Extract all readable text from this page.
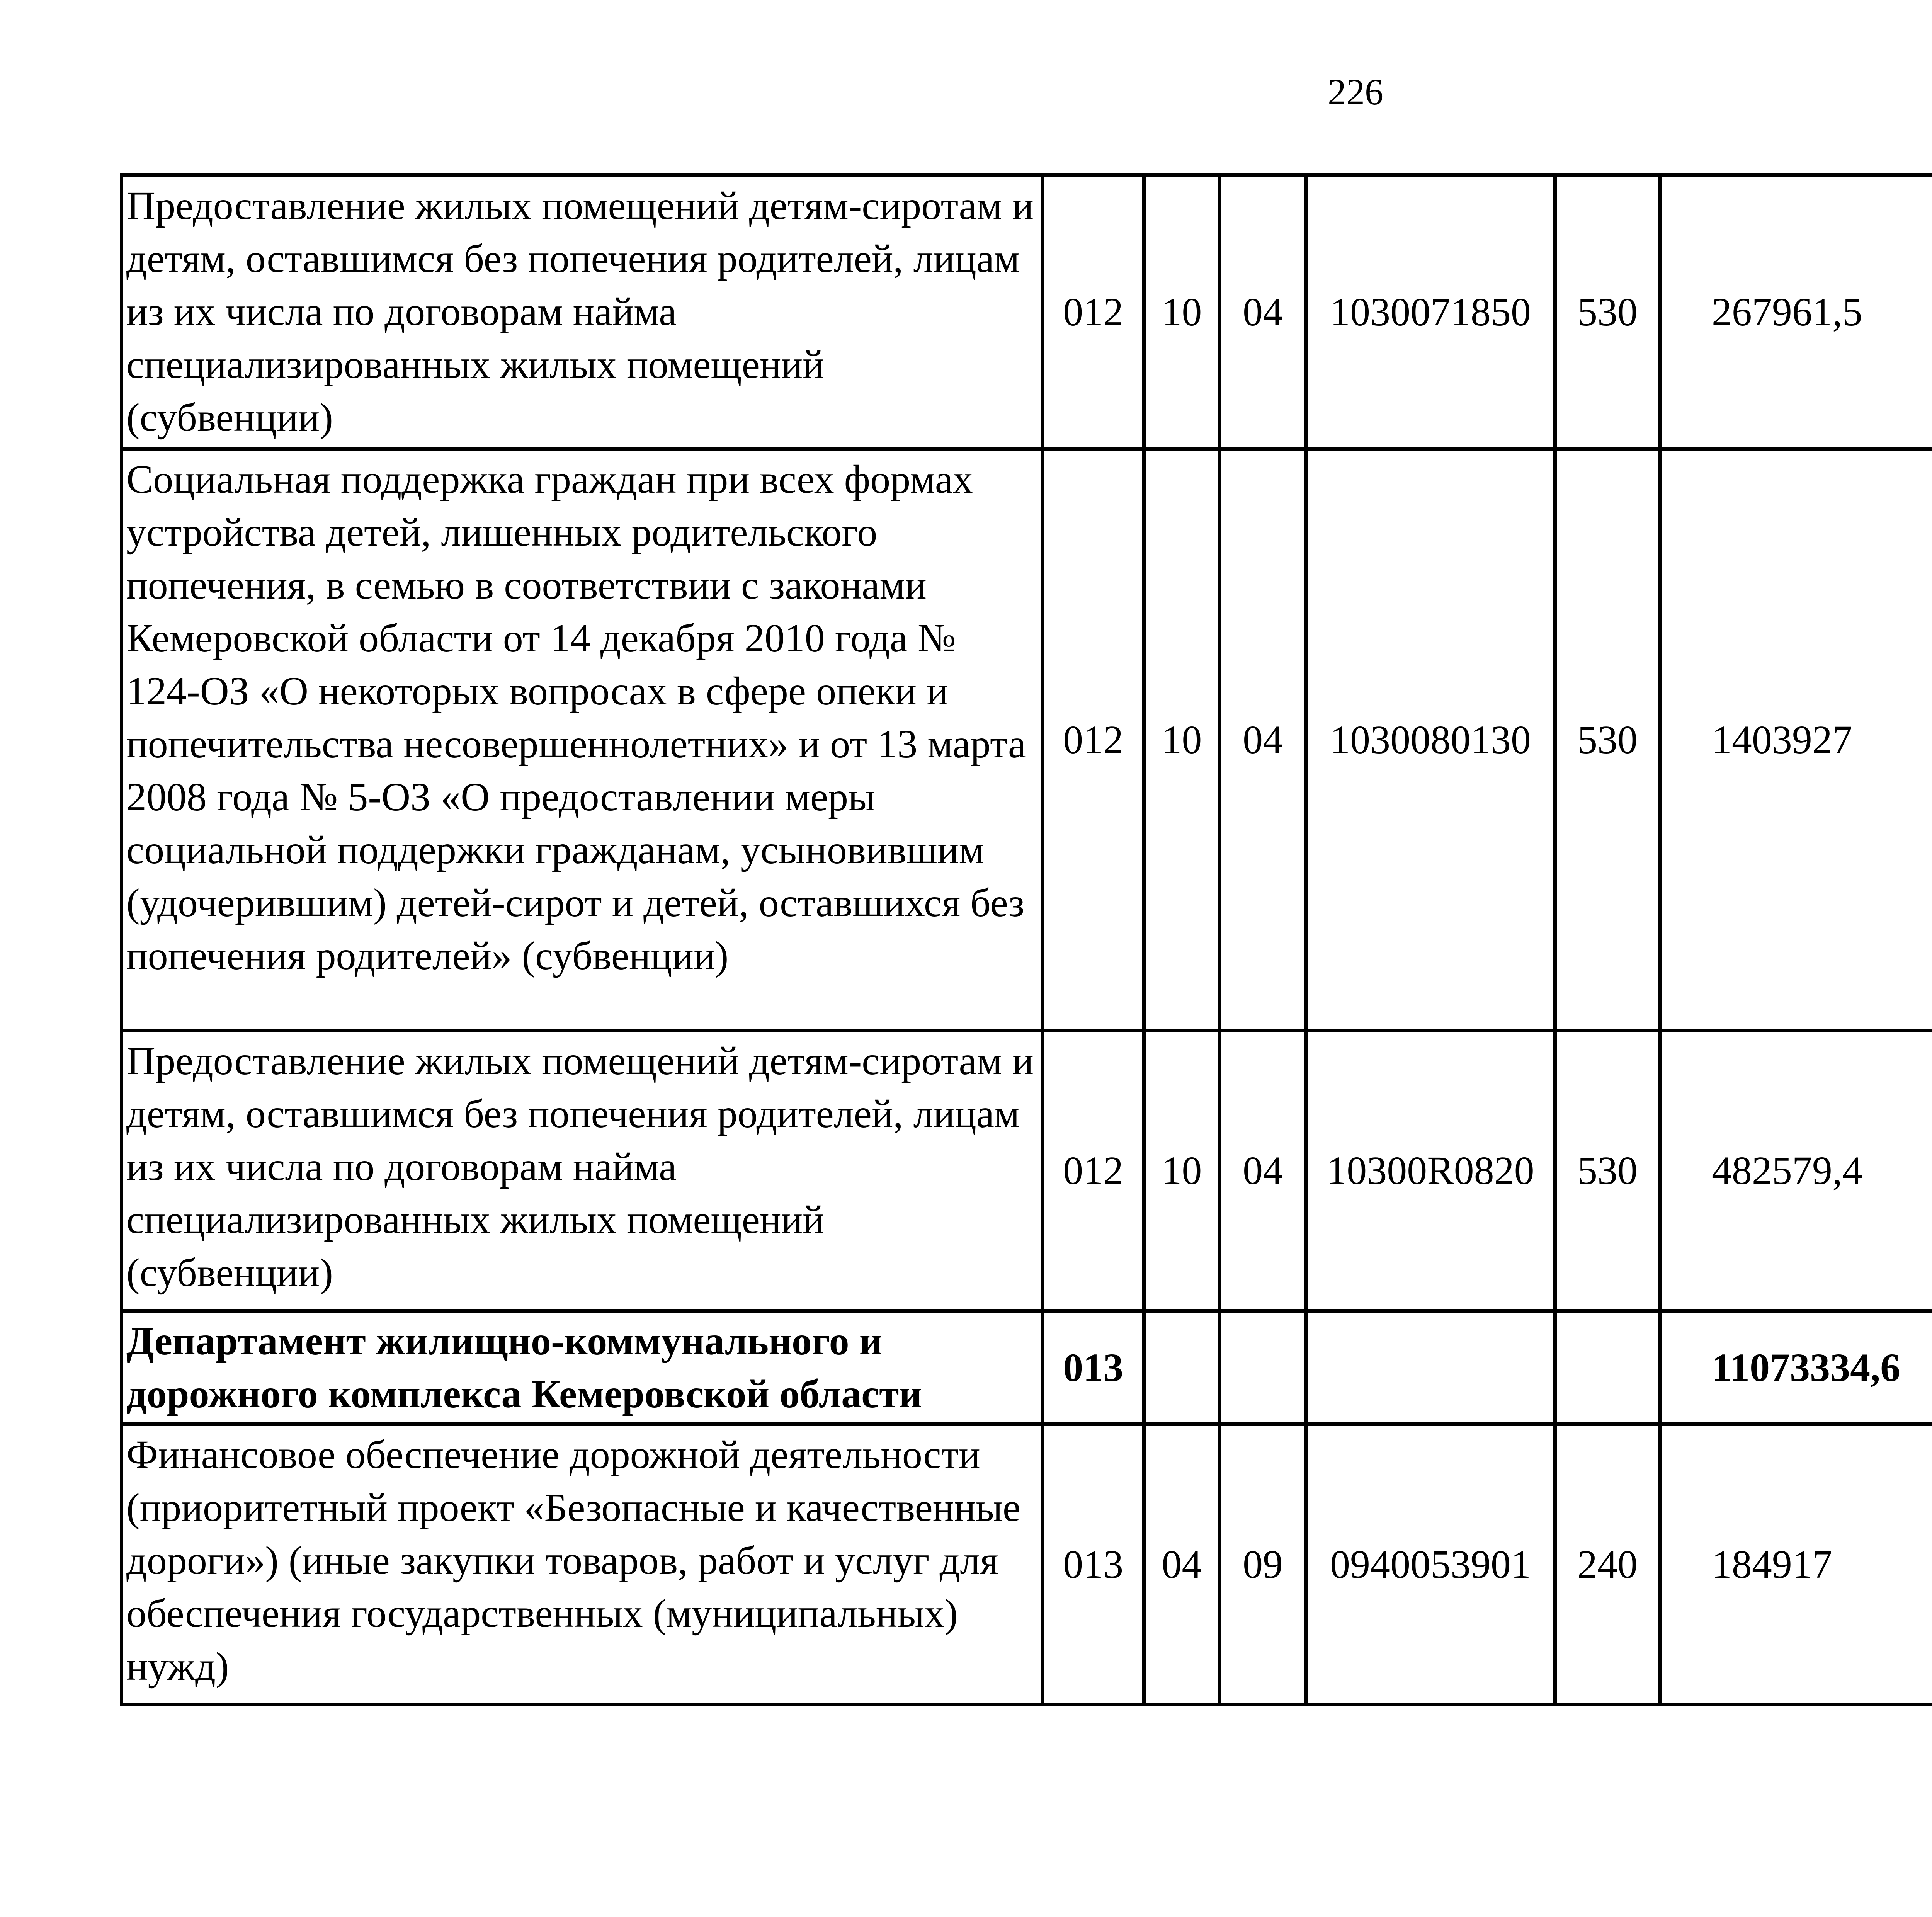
226
Предоставление жилых помещений детям-сиротам и детям, оставшимся без попечения родителей, лицам из их числа по договорам найма специализированных жилых помещений (субвенции)	012	10	04	1030071850	530	267961,5		
Социальная поддержка граждан при всех формах устройства детей, лишенных родительского попечения, в семью в соответствии с законами Кемеровской области от 14 декабря 2010 года № 124-ОЗ «О некоторых вопросах в сфере опеки и попечительства несовершеннолетних» и от 13 марта 2008 года № 5-ОЗ «О предоставлении меры социальной поддержки гражданам, усыновившим (удочерившим) детей-сирот и детей, оставшихся без попечения родителей» (субвенции)	012	10	04	1030080130	530	1403927		
Предоставление жилых помещений детям-сиротам и детям, оставшимся без попечения родителей, лицам из их числа по договорам найма специализированных жилых помещений (субвенции)	012	10	04	10300R0820	530	482579,4		
Департамент жилищно-коммунального и дорожного комплекса Кемеровской области	013					11073334,6		
Финансовое обеспечение дорожной деятельности (приоритетный проект «Безопасные и качественные дороги») (иные закупки товаров, работ и услуг для обеспечения государственных (муниципальных) нужд)	013	04	09	0940053901	240	184917		
